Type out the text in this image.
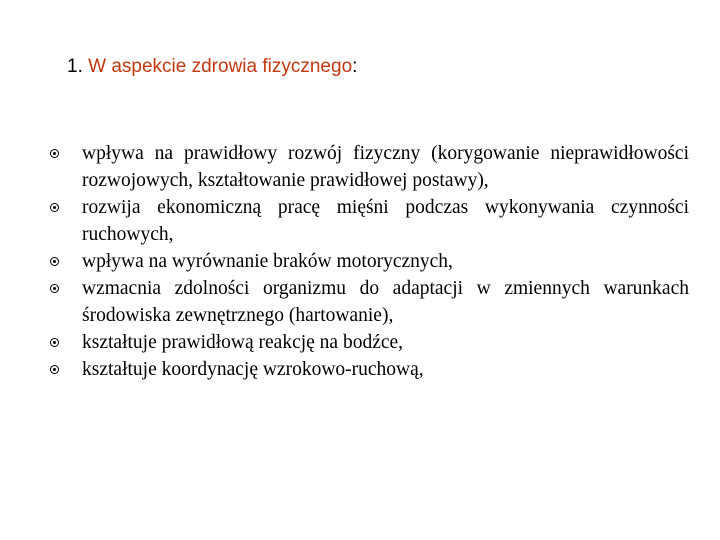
1. W aspekcie zdrowia fizycznego:
wpływa na prawidłowy rozwój fizyczny (korygowanie nieprawidłowości rozwojowych, kształtowanie prawidłowej postawy),
rozwija ekonomiczną pracę mięśni podczas wykonywania czynności ruchowych,
wpływa na wyrównanie braków motorycznych,
wzmacnia zdolności organizmu do adaptacji w zmiennych warunkach środowiska zewnętrznego (hartowanie),
kształtuje prawidłową reakcję na bodźce,
kształtuje koordynację wzrokowo-ruchową,
